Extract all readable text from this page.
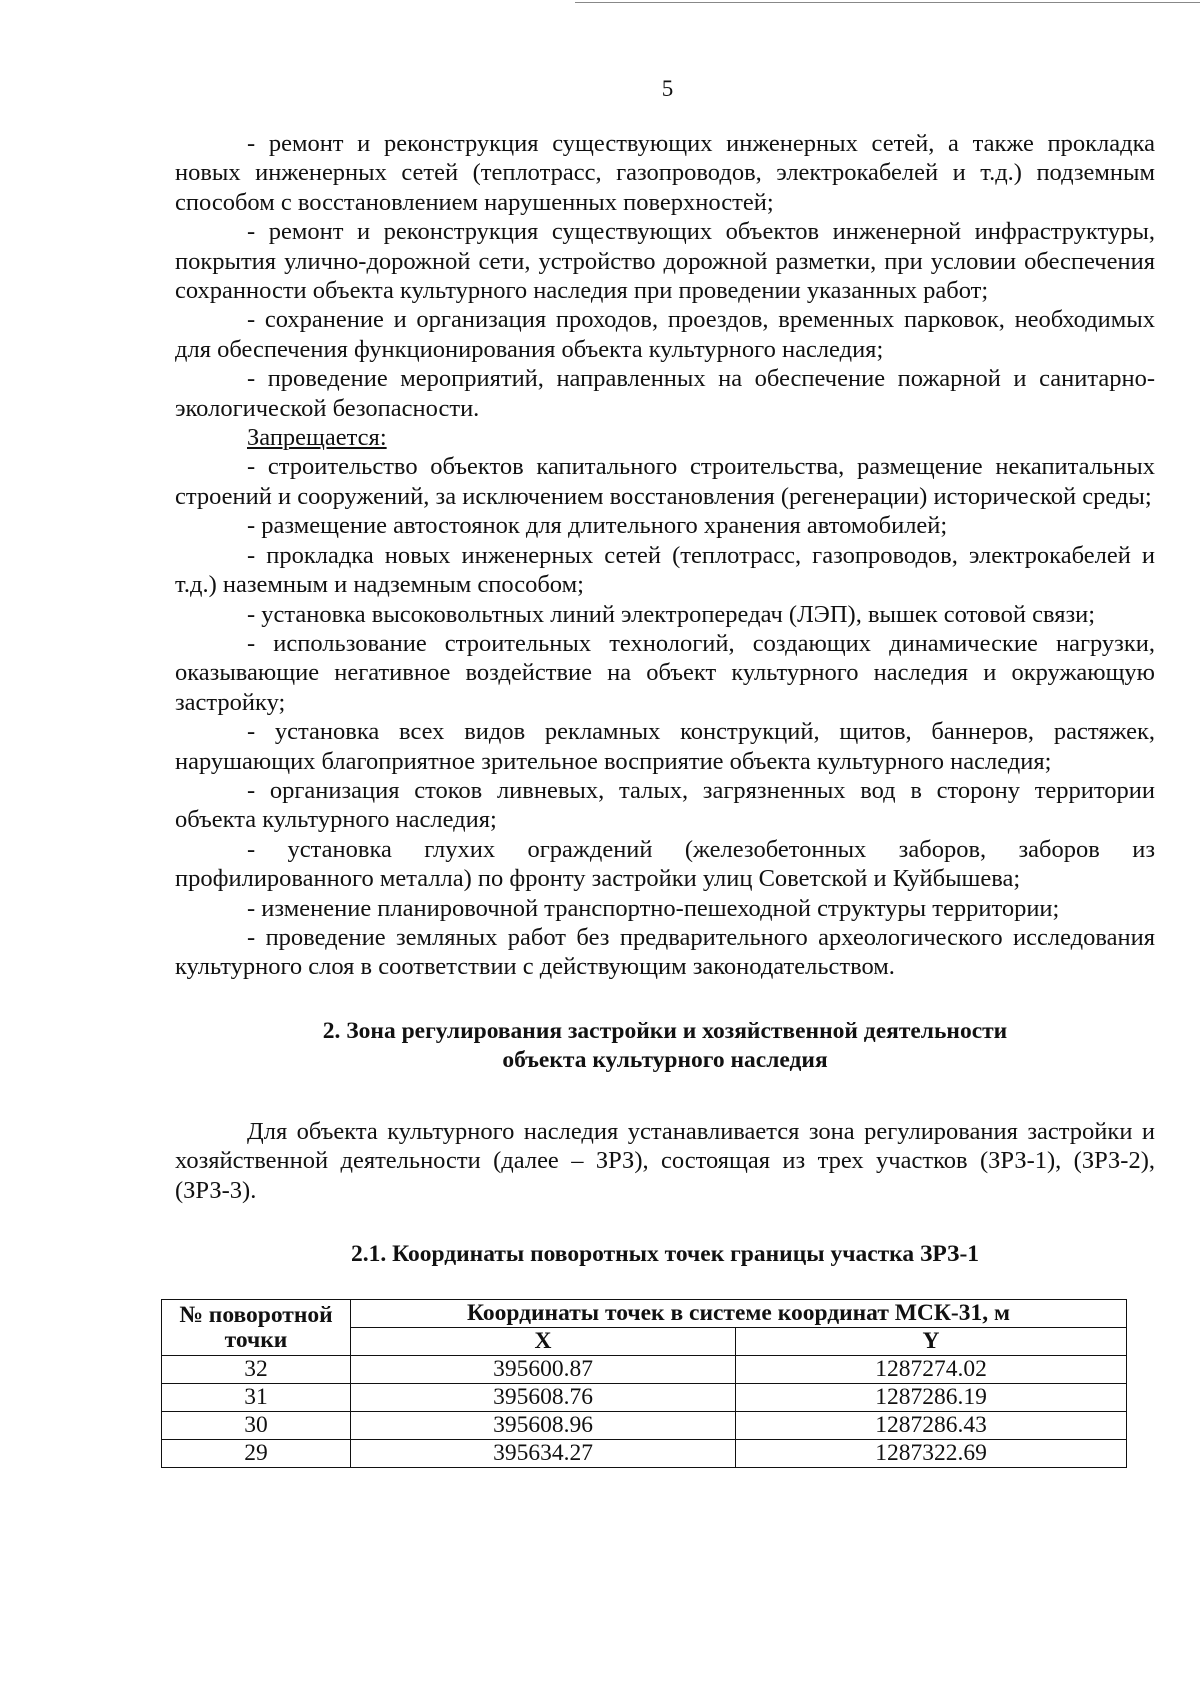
5

- ремонт и реконструкция существующих инженерных сетей, а также прокладка новых инженерных сетей (теплотрасс, газопроводов, электрокабелей и т.д.) подземным способом с восстановлением нарушенных поверхностей;

- ремонт и реконструкция существующих объектов инженерной инфраструктуры, покрытия улично-дорожной сети, устройство дорожной разметки, при условии обеспечения сохранности объекта культурного наследия при проведении указанных работ;

- сохранение и организация проходов, проездов, временных парковок, необходимых для обеспечения функционирования объекта культурного наследия;

- проведение мероприятий, направленных на обеспечение пожарной и санитарно-экологической безопасности.

Запрещается:

- строительство объектов капитального строительства, размещение некапитальных строений и сооружений, за исключением восстановления (регенерации) исторической среды;

- размещение автостоянок для длительного хранения автомобилей;

- прокладка новых инженерных сетей (теплотрасс, газопроводов, электрокабелей и т.д.) наземным и надземным способом;

- установка высоковольтных линий электропередач (ЛЭП), вышек сотовой связи;

- использование строительных технологий, создающих динамические нагрузки, оказывающие негативное воздействие на объект культурного наследия и окружающую застройку;

- установка всех видов рекламных конструкций, щитов, баннеров, растяжек, нарушающих благоприятное зрительное восприятие объекта культурного наследия;

- организация стоков ливневых, талых, загрязненных вод в сторону территории объекта культурного наследия;

- установка глухих ограждений (железобетонных заборов, заборов из профилированного металла) по фронту застройки улиц Советской и Куйбышева;

- изменение планировочной транспортно-пешеходной структуры территории;

- проведение земляных работ без предварительного археологического исследования культурного слоя в соответствии с действующим законодательством.

2. Зона регулирования застройки и хозяйственной деятельности
объекта культурного наследия

Для объекта культурного наследия устанавливается зона регулирования застройки и хозяйственной деятельности (далее – ЗРЗ), состоящая из трех участков (ЗРЗ-1), (ЗРЗ-2), (ЗРЗ-3).

2.1. Координаты поворотных точек границы участка ЗРЗ-1

№ поворотной точки	Координаты точек в системе координат МСК-31, м	
	X	Y
32	395600.87	1287274.02
31	395608.76	1287286.19
30	395608.96	1287286.43
29	395634.27	1287322.69
